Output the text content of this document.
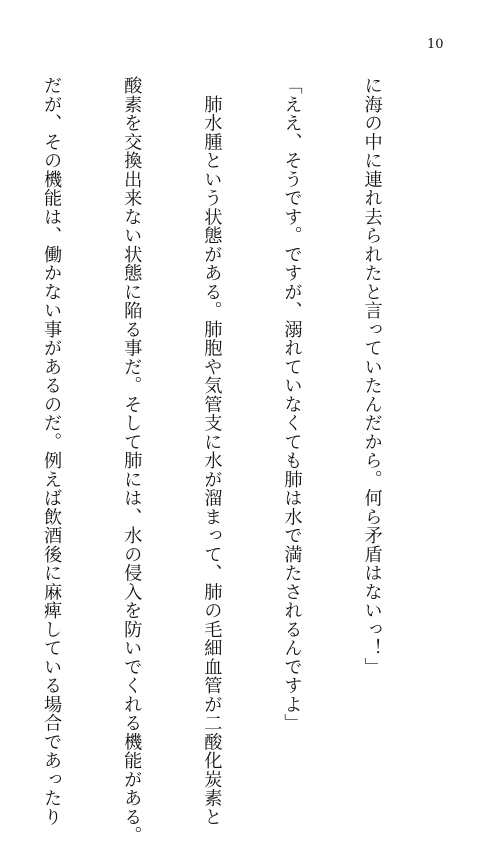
10

に海の中に連れ去られたと言っていたんだから。何ら矛盾はないっ！」

「ええ、そうです。ですが、溺れていなくても肺は水で満たされるんですよ」

　肺水腫という状態がある。肺胞や気管支に水が溜まって、肺の毛細血管が二酸化炭素と

酸素を交換出来ない状態に陥る事だ。そして肺には、水の侵入を防いでくれる機能がある。

だが、その機能は、働かない事があるのだ。例えば飲酒後に麻痺している場合であったり
